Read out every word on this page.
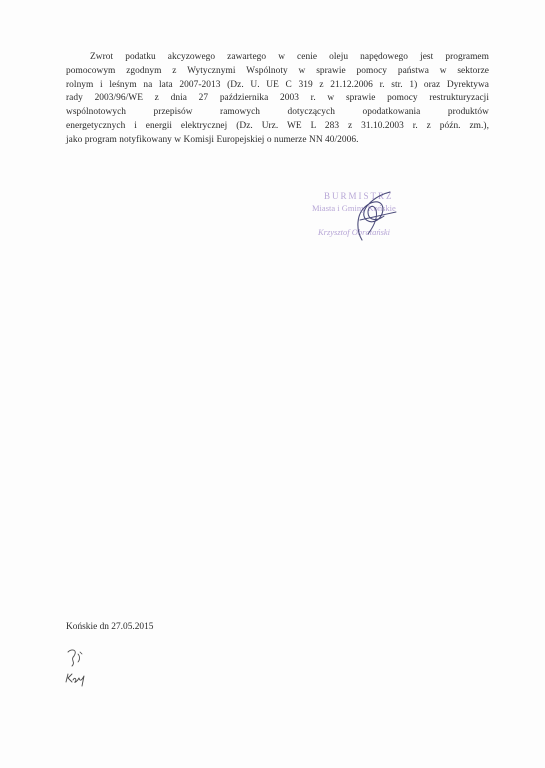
Zwrot podatku akcyzowego zawartego w cenie oleju napędowego jest programem
pomocowym zgodnym z Wytycznymi Wspólnoty w sprawie pomocy państwa w sektorze
rolnym i leśnym na lata 2007-2013 (Dz. U. UE C 319 z 21.12.2006 r. str. 1) oraz Dyrektywa
rady 2003/96/WE z dnia 27 października 2003 r. w sprawie pomocy restrukturyzacji
wspólnotowych przepisów ramowych dotyczących opodatkowania produktów
energetycznych i energii elektrycznej (Dz. Urz. WE L 283 z 31.10.2003 r. z późn. zm.),
jako program notyfikowany w Komisji Europejskiej o numerze NN 40/2006.
BURMISTRZ
Miasta i Gminy Końskie
Krzysztof Obratański
Końskie dn 27.05.2015
